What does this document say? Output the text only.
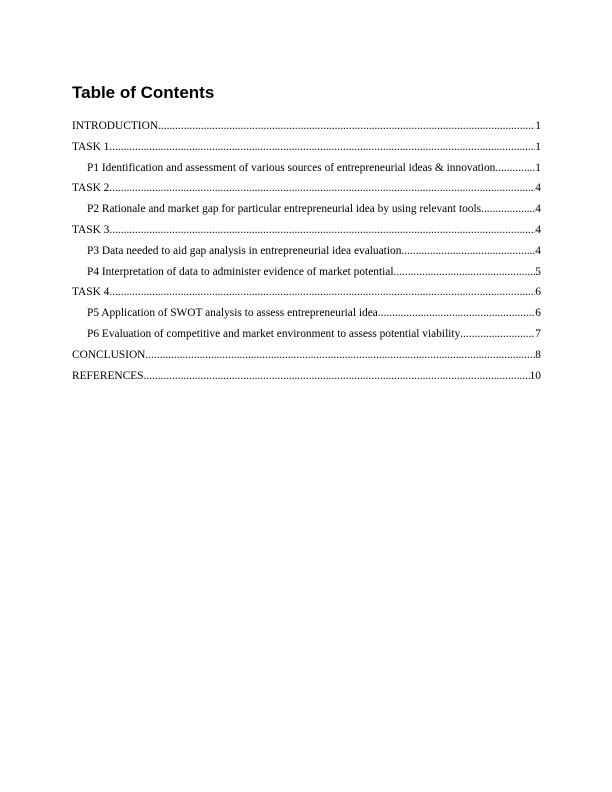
Table of Contents
INTRODUCTION .....	1
TASK 1 .....	1
P1 Identification and assessment of various sources of entrepreneurial ideas & innovation .....	1
TASK 2 .....	4
P2 Rationale and market gap for particular entrepreneurial idea by using relevant tools .....	4
TASK 3 .....	4
P3 Data needed to aid gap analysis in entrepreneurial idea evaluation .....	4
P4 Interpretation of data to administer evidence of market potential .....	5
TASK 4 .....	6
P5 Application of SWOT analysis to assess entrepreneurial idea .....	6
P6 Evaluation of competitive and market environment to assess potential viability .....	7
CONCLUSION .....	8
REFERENCES .....	10
